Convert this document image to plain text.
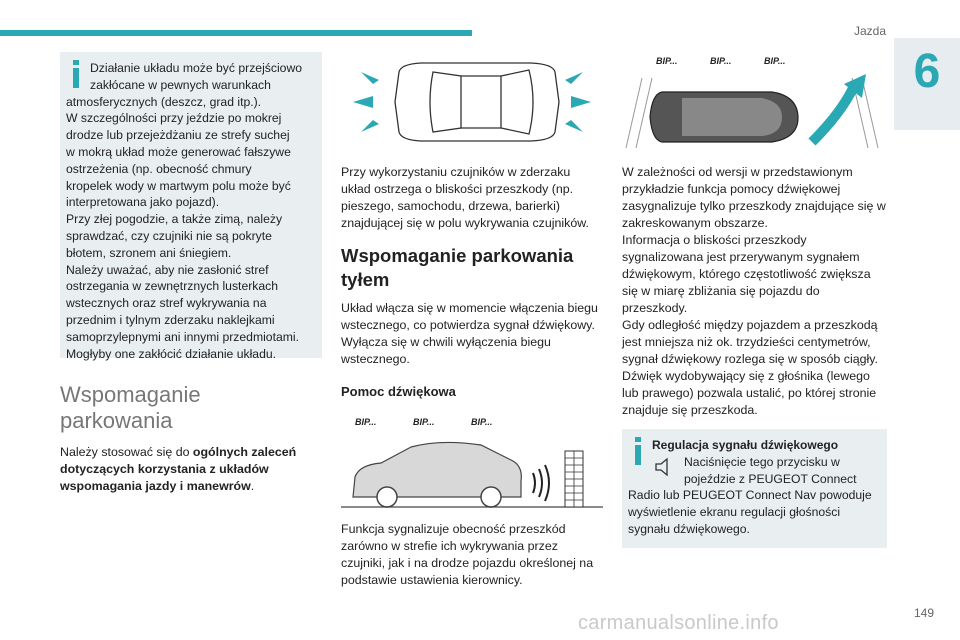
Jazda
6

Działanie układu może być przejściowo

zakłócane w pewnych warunkach

atmosferycznych (deszcz, grad itp.).

W szczególności przy jeździe po mokrej

drodze lub przejeżdżaniu ze strefy suchej

w mokrą układ może generować fałszywe

ostrzeżenia (np. obecność chmury

kropelek wody w martwym polu może być

interpretowana jako pojazd).

Przy złej pogodzie, a także zimą, należy

sprawdzać, czy czujniki nie są pokryte

błotem, szronem ani śniegiem.

Należy uważać, aby nie zasłonić stref

ostrzegania w zewnętrznych lusterkach

wstecznych oraz stref wykrywania na

przednim i tylnym zderzaku naklejkami

samoprzylepnymi ani innymi przedmiotami.

Mogłyby one zakłócić działanie układu.

Wspomaganie
parkowania

Należy stosować się do ogólnych zaleceń dotyczących korzystania z układów wspomagania jazdy i manewrów.

Przy wykorzystaniu czujników w zderzaku układ ostrzega o bliskości przeszkody (np. pieszego, samochodu, drzewa, barierki) znajdującej się w polu wykrywania czujników.

Wspomaganie parkowania
tyłem

Układ włącza się w momencie włączenia biegu wstecznego, co potwierdza sygnał dźwiękowy. Wyłącza się w chwili wyłączenia biegu wstecznego.

Pomoc dźwiękowa
BIP...	BIP...	BIP...

Funkcja sygnalizuje obecność przeszkód zarówno w strefie ich wykrywania przez czujniki, jak i na drodze pojazdu określonej na podstawie ustawienia kierownicy.

BIP...	BIP...	BIP...

W zależności od wersji w przedstawionym przykładzie funkcja pomocy dźwiękowej zasygnalizuje tylko przeszkody znajdujące się w zakreskowanym obszarze.

Informacja o bliskości przeszkody sygnalizowana jest przerywanym sygnałem dźwiękowym, którego częstotliwość zwiększa się w miarę zbliżania się pojazdu do przeszkody.

Gdy odległość między pojazdem a przeszkodą jest mniejsza niż ok. trzydzieści centymetrów, sygnał dźwiękowy rozlega się w sposób ciągły.

Dźwięk wydobywający się z głośnika (lewego lub prawego) pozwala ustalić, po której stronie znajduje się przeszkoda.

Regulacja sygnału dźwiękowego

Naciśnięcie tego przycisku w pojeździe z PEUGEOT Connect

Radio lub PEUGEOT Connect Nav powoduje wyświetlenie ekranu regulacji głośności sygnału dźwiękowego.

149
carmanualsonline.info
